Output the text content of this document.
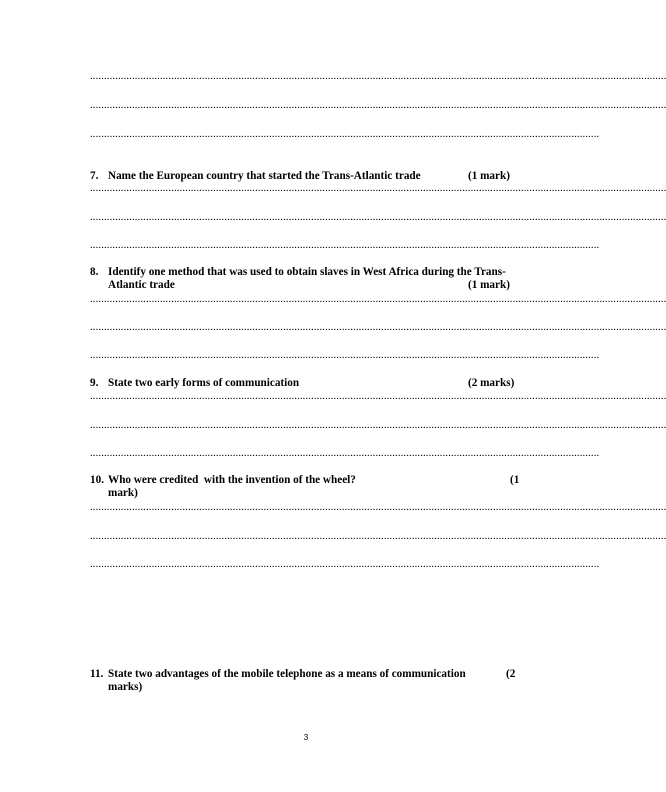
..............................................................................................................................................................................................................
..............................................................................................................................................................................................................
......................................................................................................................................................................................
7. Name the European country that started the Trans-Atlantic trade	(1 mark)
..............................................................................................................................................................................................................
..............................................................................................................................................................................................................
......................................................................................................................................................................................
8. Identify one method that was used to obtain slaves in West Africa during the Trans-
Atlantic trade	(1 mark)
..............................................................................................................................................................................................................
..............................................................................................................................................................................................................
......................................................................................................................................................................................
9. State two early forms of communication	(2 marks)
..............................................................................................................................................................................................................
..............................................................................................................................................................................................................
......................................................................................................................................................................................
10. Who were credited  with the invention of the wheel?	(1
mark)
..............................................................................................................................................................................................................
..............................................................................................................................................................................................................
......................................................................................................................................................................................
11. State two advantages of the mobile telephone as a means of communication	(2
marks)
3
